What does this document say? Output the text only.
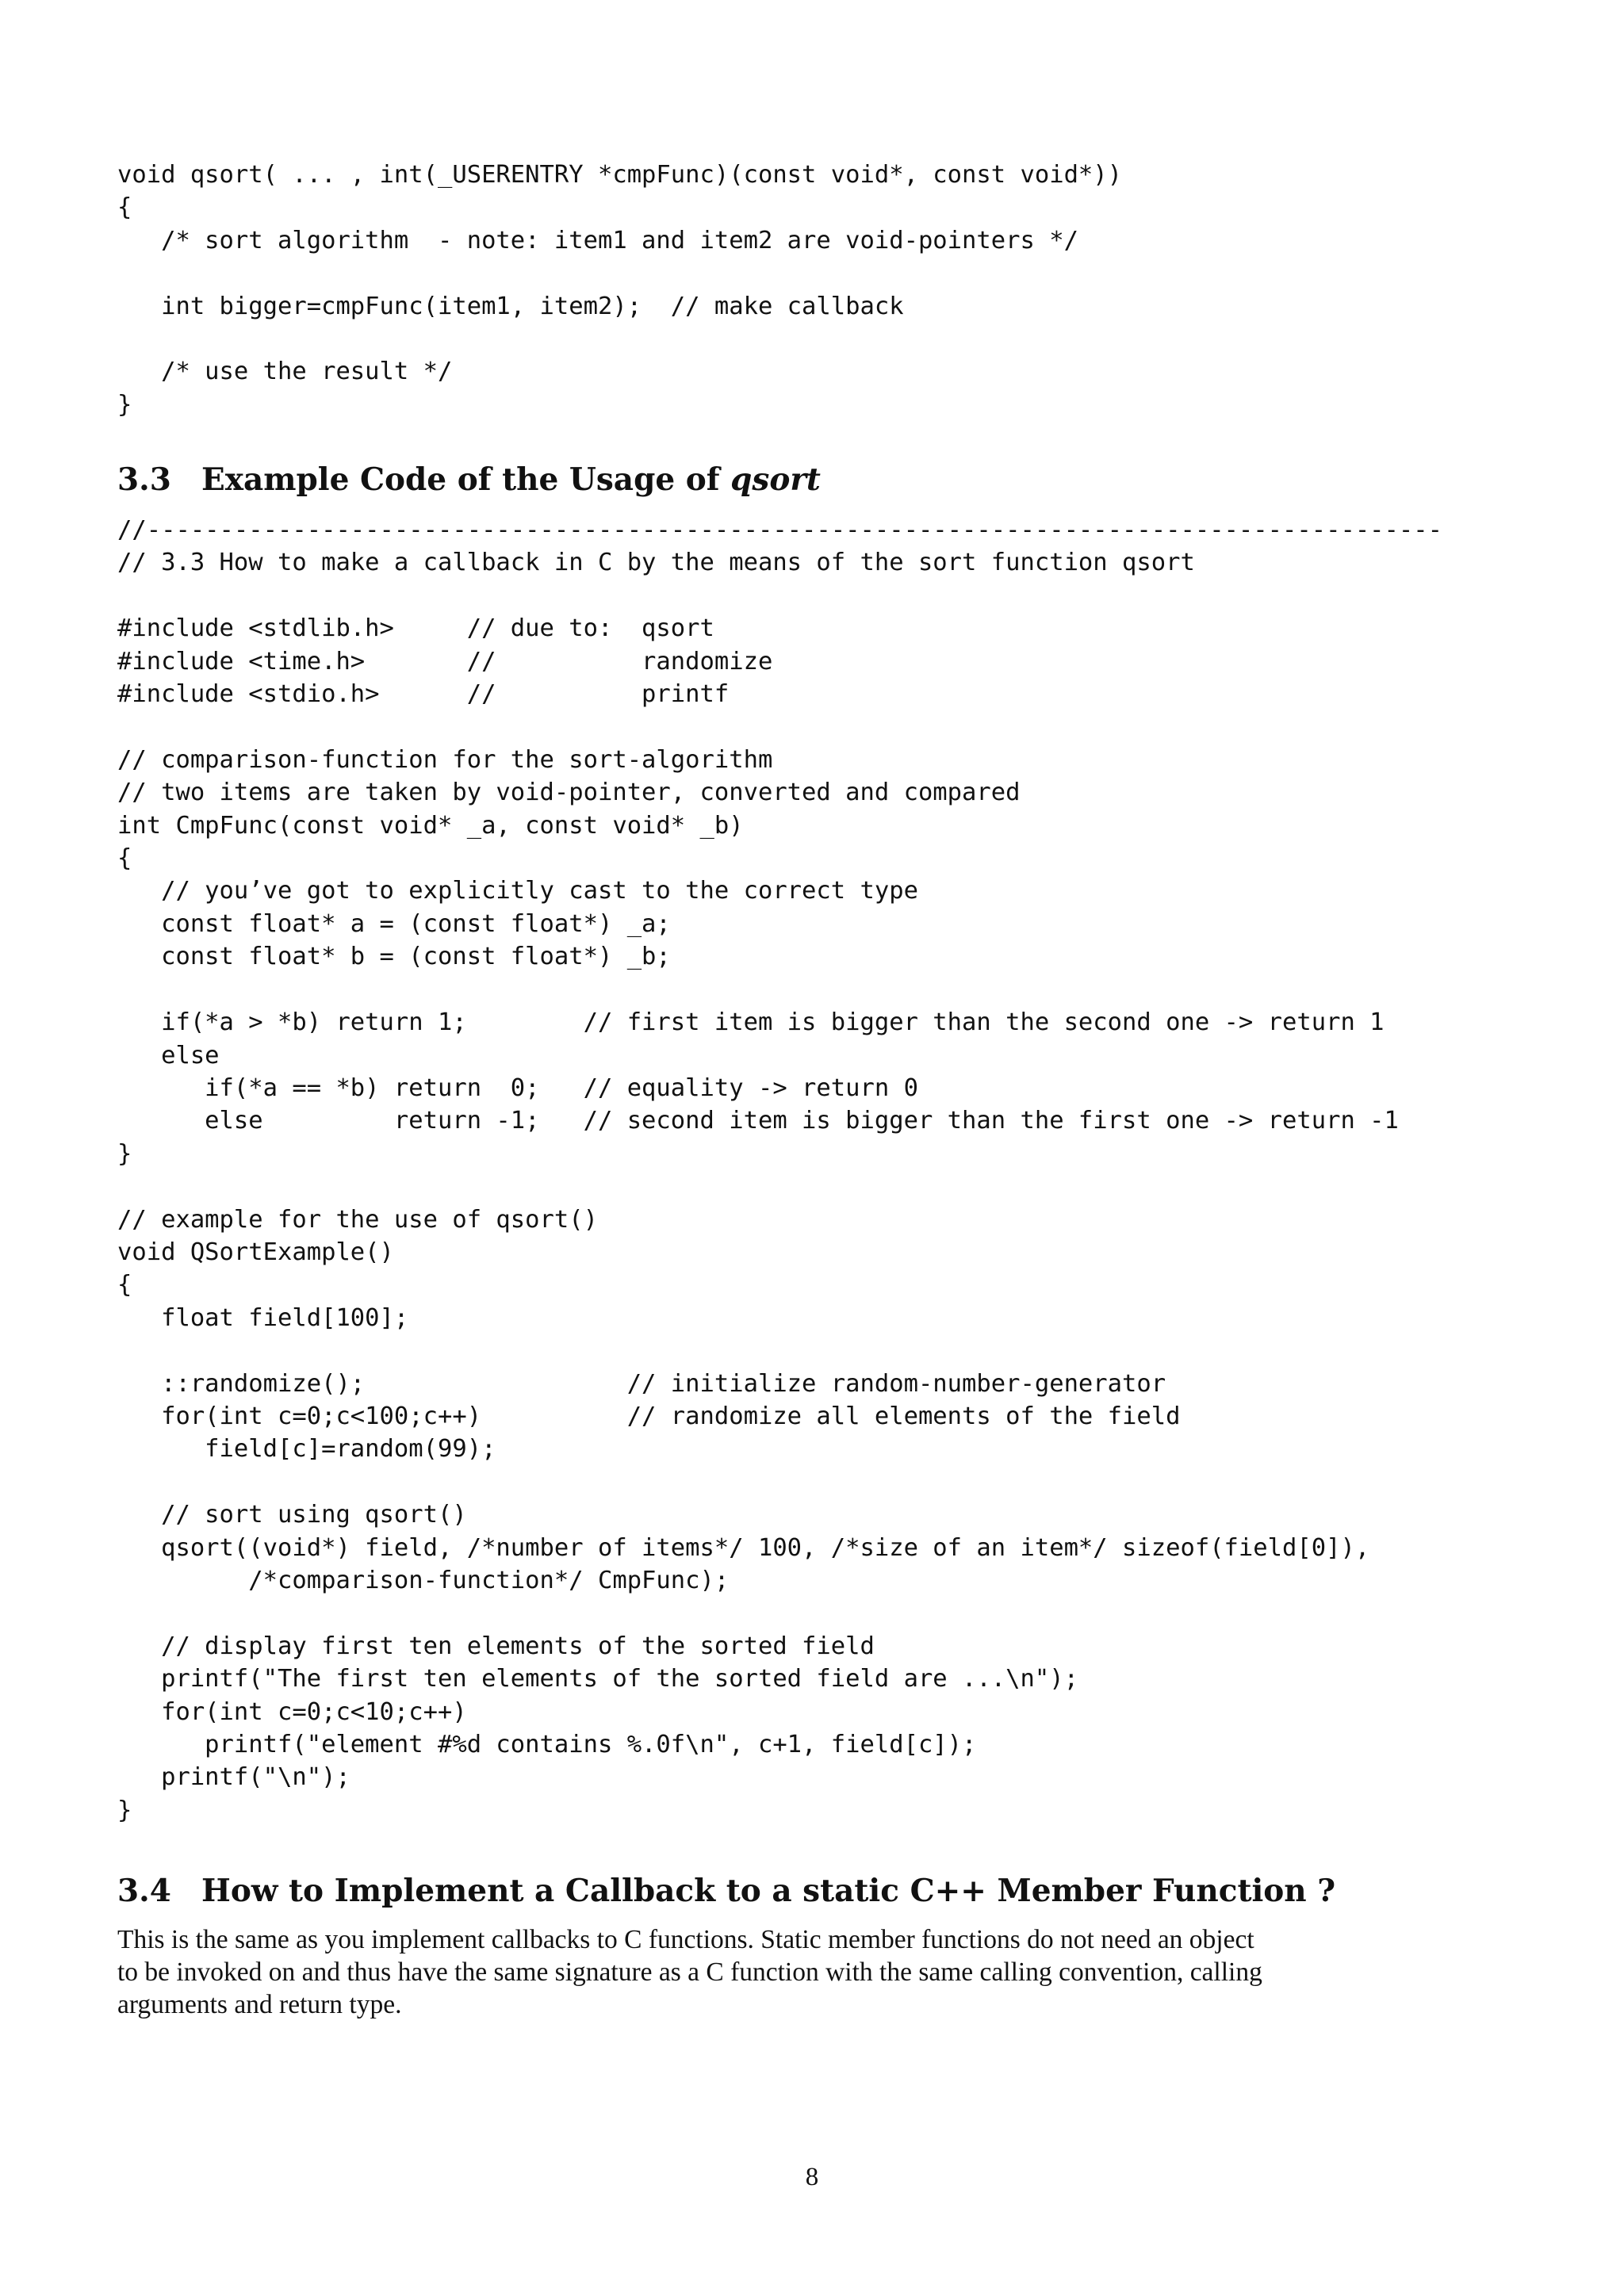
void qsort( ... , int(_USERENTRY *cmpFunc)(const void*, const void*))
{
/* sort algorithm  - note: item1 and item2 are void-pointers */

int bigger=cmpFunc(item1, item2);  // make callback

/* use the result */
}
3.3 Example Code of the Usage of qsort
//-----------------------------------------------------------------------------------------
// 3.3 How to make a callback in C by the means of the sort function qsort

#include <stdlib.h>     // due to:  qsort
#include <time.h>       //          randomize
#include <stdio.h>      //          printf

// comparison-function for the sort-algorithm
// two items are taken by void-pointer, converted and compared
int CmpFunc(const void* _a, const void* _b)
{
// you’ve got to explicitly cast to the correct type
const float* a = (const float*) _a;
const float* b = (const float*) _b;

if(*a > *b) return 1;        // first item is bigger than the second one -> return 1
else
if(*a == *b) return  0;   // equality -> return 0
else         return -1;   // second item is bigger than the first one -> return -1
}

// example for the use of qsort()
void QSortExample()
{
float field[100];

::randomize();                  // initialize random-number-generator
for(int c=0;c<100;c++)          // randomize all elements of the field
field[c]=random(99);

// sort using qsort()
qsort((void*) field, /*number of items*/ 100, /*size of an item*/ sizeof(field[0]),
/*comparison-function*/ CmpFunc);

// display first ten elements of the sorted field
printf("The first ten elements of the sorted field are ...\n");
for(int c=0;c<10;c++)
printf("element #%d contains %.0f\n", c+1, field[c]);
printf("\n");
}
3.4 How to Implement a Callback to a static C++ Member Function ?
This is the same as you implement callbacks to C functions. Static member functions do not need an object
to be invoked on and thus have the same signature as a C function with the same calling convention, calling
arguments and return type.
8
